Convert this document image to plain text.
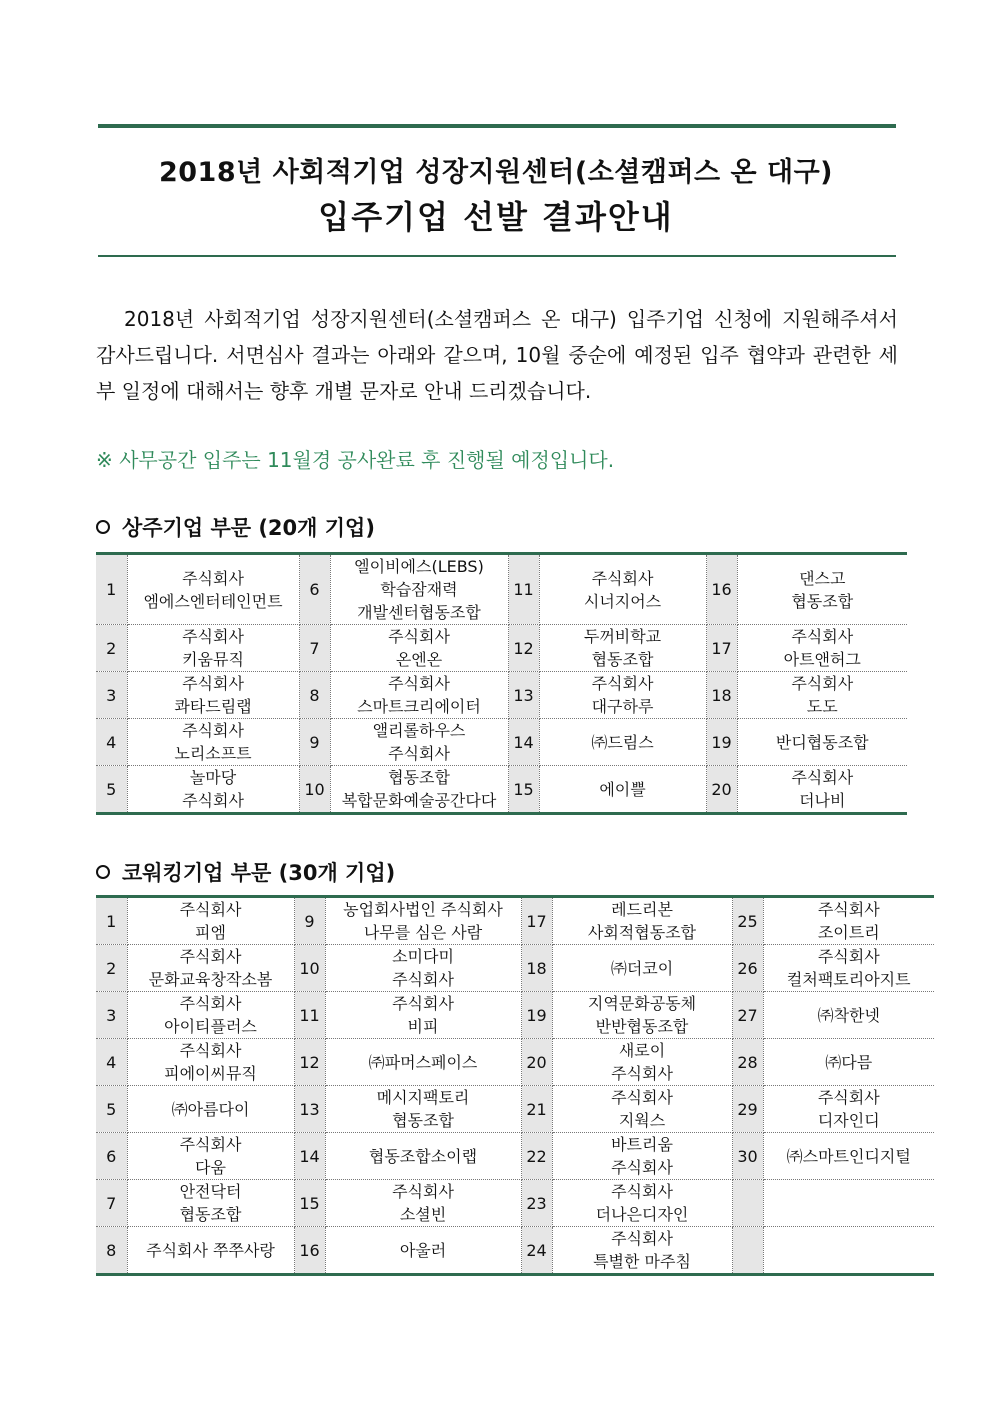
2018년 사회적기업 성장지원센터(소셜캠퍼스 온 대구)
입주기업 선발 결과안내

2018년 사회적기업 성장지원센터(소셜캠퍼스 온 대구) 입주기업 신청에 지원해주셔서 감사드립니다. 서면심사 결과는 아래와 같으며, 10월 중순에 예정된 입주 협약과 관련한 세부 일정에 대해서는 향후 개별 문자로 안내 드리겠습니다.

※ 사무공간 입주는 11월경 공사완료 후 진행될 예정입니다.
상주기업 부문 (20개 기업)
1	주식회사
엠에스엔터테인먼트	6	엘이비에스(LEBS)
학습잠재력
개발센터협동조합	11	주식회사
시너지어스	16	댄스고
협동조합

2	주식회사
키움뮤직	7	주식회사
온엔온	12	두꺼비학교
협동조합	17	주식회사
아트앤허그

3	주식회사
콰타드림랩	8	주식회사
스마트크리에이터	13	주식회사
대구하루	18	주식회사
도도

4	주식회사
노리소프트	9	앨리롤하우스
주식회사	14	㈜드림스	19	반디협동조합

5	놀마당
주식회사	10	협동조합
복합문화예술공간다다	15	에이쁠	20	주식회사
더나비
코워킹기업 부문 (30개 기업)
1	주식회사
피엠	9	농업회사법인 주식회사
나무를 심은 사람	17	레드리본
사회적협동조합	25	주식회사
조이트리

2	주식회사
문화교육창작소봄	10	소미다미
주식회사	18	㈜더코이	26	주식회사
컬처팩토리아지트

3	주식회사
아이티플러스	11	주식회사
비피	19	지역문화공동체
반반협동조합	27	㈜착한넷

4	주식회사
피에이씨뮤직	12	㈜파머스페이스	20	새로이
주식회사	28	㈜다믐

5	㈜아름다이	13	메시지팩토리
협동조합	21	주식회사
지웍스	29	주식회사
디자인디

6	주식회사
다움	14	협동조합소이랩	22	바트리움
주식회사	30	㈜스마트인디지털

7	안전닥터
협동조합	15	주식회사
소셜빈	23	주식회사
더나은디자인		

8	주식회사 쭈쭈사랑	16	아울러	24	주식회사
특별한 마주침		
